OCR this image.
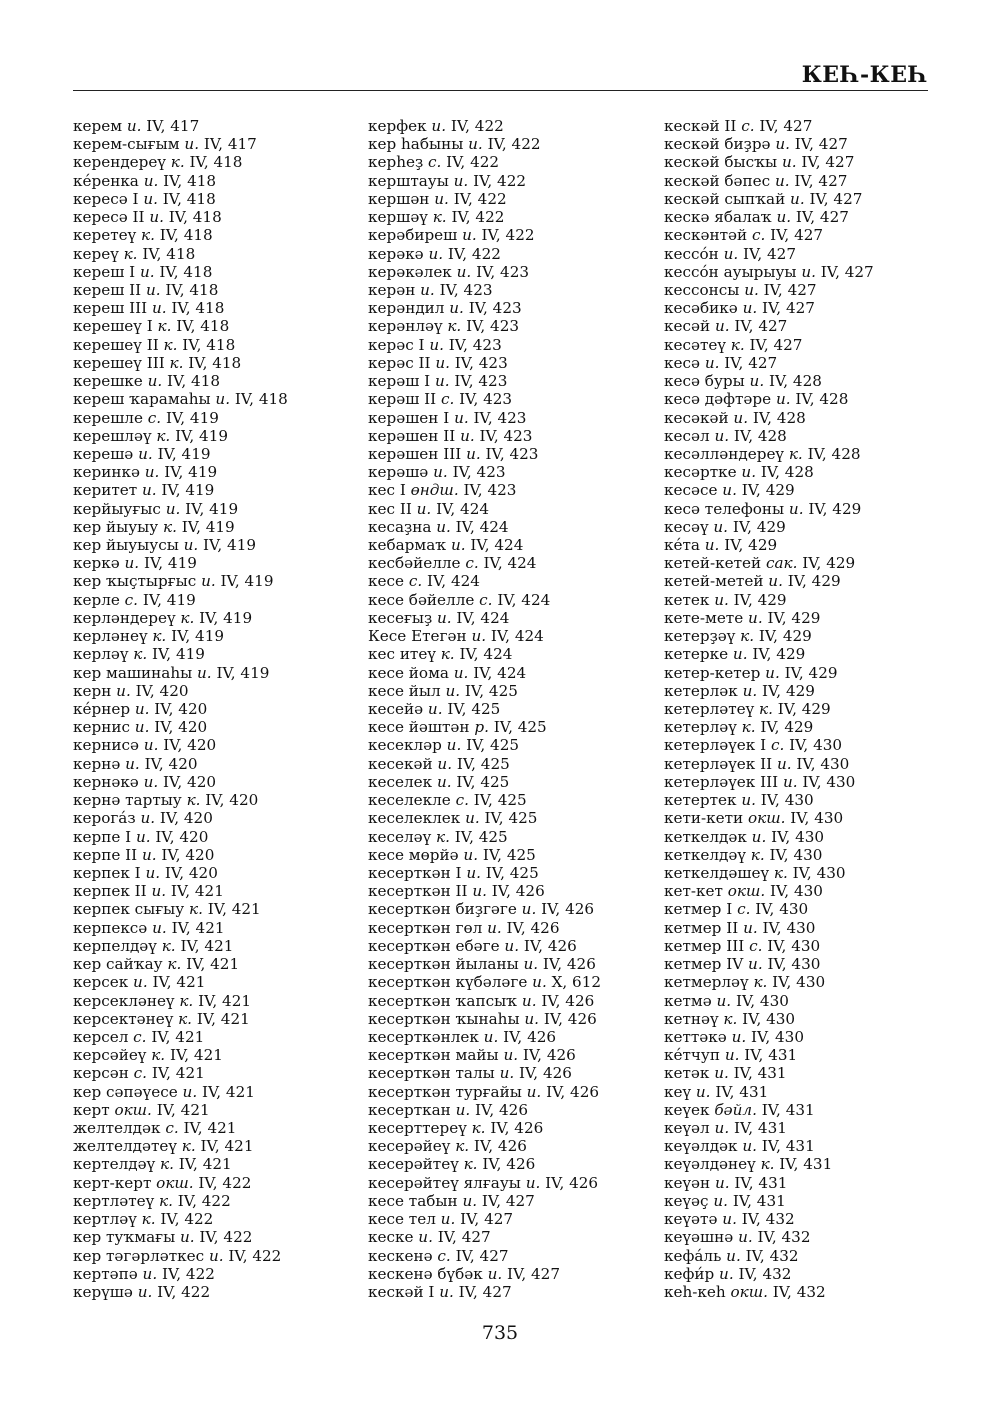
КЕҺ-КЕҺ
керем и. IV, 417
керем-сығым и. IV, 417
керендереү к. IV, 418
ке́ренка и. IV, 418
кересә I и. IV, 418
кересә II и. IV, 418
керетеү к. IV, 418
кереү к. IV, 418
кереш I и. IV, 418
кереш II и. IV, 418
кереш III и. IV, 418
керешеү I к. IV, 418
керешеү II к. IV, 418
керешеү III к. IV, 418
керешке и. IV, 418
кереш ҡарамаһы и. IV, 418
керешле с. IV, 419
керешләү к. IV, 419
керешә и. IV, 419
керинкә и. IV, 419
керитет и. IV, 419
керйыуғыс и. IV, 419
кер йыуыу к. IV, 419
кер йыуыусы и. IV, 419
керкә и. IV, 419
кер ҡыҫтырғыс и. IV, 419
керле с. IV, 419
керләндереү к. IV, 419
керләнеү к. IV, 419
керләү к. IV, 419
кер машинаһы и. IV, 419
керн и. IV, 420
ке́рнер и. IV, 420
кернис и. IV, 420
кернисә и. IV, 420
кернә и. IV, 420
кернәкә и. IV, 420
кернә тартыу к. IV, 420
керога́з и. IV, 420
керпе I и. IV, 420
керпе II и. IV, 420
керпек I и. IV, 420
керпек II и. IV, 421
керпек сығыу к. IV, 421
керпексә и. IV, 421
керпелдәү к. IV, 421
кер сайҡау к. IV, 421
керсек и. IV, 421
керсекләнеү к. IV, 421
керсектәнеү к. IV, 421
керсел с. IV, 421
керсәйеү к. IV, 421
керсән с. IV, 421
кер сәпәүесе и. IV, 421
керт окш. IV, 421
желтелдәк с. IV, 421
желтелдәтеү к. IV, 421
кертелдәү к. IV, 421
керт-керт окш. IV, 422
кертләтеү к. IV, 422
кертләү к. IV, 422
кер туҡмағы и. IV, 422
кер тәгәрләткес и. IV, 422
кертәпә и. IV, 422
керүшә и. IV, 422
керфек и. IV, 422
кер һабыны и. IV, 422
керһеҙ с. IV, 422
керштауы и. IV, 422
кершән и. IV, 422
кершәү к. IV, 422
керәбиреш и. IV, 422
керәкә и. IV, 422
керәкәлек и. IV, 423
керән и. IV, 423
керәндил и. IV, 423
керәнләү к. IV, 423
керәс I и. IV, 423
керәс II и. IV, 423
керәш I и. IV, 423
керәш II с. IV, 423
керәшен I и. IV, 423
керәшен II и. IV, 423
керәшен III и. IV, 423
керәшә и. IV, 423
кес I өндш. IV, 423
кес II и. IV, 424
кесаҙна и. IV, 424
кебармаҡ и. IV, 424
кесбәйелле с. IV, 424
кесе с. IV, 424
кесе бәйелле с. IV, 424
кесеғыҙ и. IV, 424
Кесе Етегән и. IV, 424
кес итеү к. IV, 424
кесе йома и. IV, 424
кесе йыл и. IV, 425
кесейә и. IV, 425
кесе йәштән р. IV, 425
кесекләр и. IV, 425
кесекәй и. IV, 425
кеселек и. IV, 425
кеселекле с. IV, 425
кеселеклек и. IV, 425
кеселәү к. IV, 425
кесе мөрйә и. IV, 425
кесерткән I и. IV, 425
кесерткән II и. IV, 426
кесерткән биҙгәге и. IV, 426
кесерткән гөл и. IV, 426
кесерткән ебәге и. IV, 426
кесерткән йыланы и. IV, 426
кесерткән күбәләге и. X, 612
кесерткән ҡапсыҡ и. IV, 426
кесерткән ҡынаһы и. IV, 426
кесерткәнлек и. IV, 426
кесерткән майы и. IV, 426
кесерткән талы и. IV, 426
кесерткән турғайы и. IV, 426
кесерткан и. IV, 426
кесерттереү к. IV, 426
кесерәйеү к. IV, 426
кесерәйтеү к. IV, 426
кесерәйтеү ялғауы и. IV, 426
кесе табын и. IV, 427
кесе тел и. IV, 427
кеске и. IV, 427
кескенә с. IV, 427
кескенә бүбәк и. IV, 427
кескәй I и. IV, 427
кескәй II с. IV, 427
кескәй биҙрә и. IV, 427
кескәй бысҡы и. IV, 427
кескәй бәпес и. IV, 427
кескәй сыпҡай и. IV, 427
кескә ябалаҡ и. IV, 427
кескәнтәй с. IV, 427
кессо́н и. IV, 427
кессо́н ауырыуы и. IV, 427
кессонсы и. IV, 427
кесәбикә и. IV, 427
кесәй и. IV, 427
кесәтеү к. IV, 427
кесә и. IV, 427
кесә буры и. IV, 428
кесә дәфтәре и. IV, 428
кесәкәй и. IV, 428
кесәл и. IV, 428
кесәлләндереү к. IV, 428
кесәртке и. IV, 428
кесәсе и. IV, 429
кесә телефоны и. IV, 429
кесәү и. IV, 429
ке́та и. IV, 429
кетей-кетей сак. IV, 429
кетей-метей и. IV, 429
кетек и. IV, 429
кете-мете и. IV, 429
кетерҙәү к. IV, 429
кетерке и. IV, 429
кетер-кетер и. IV, 429
кетерләк и. IV, 429
кетерләтеү к. IV, 429
кетерләү к. IV, 429
кетерләүек I с. IV, 430
кетерләүек II и. IV, 430
кетерләүек III и. IV, 430
кетертек и. IV, 430
кети-кети окш. IV, 430
кеткелдәк и. IV, 430
кеткелдәү к. IV, 430
кеткелдәшеү к. IV, 430
кет-кет окш. IV, 430
кетмер I с. IV, 430
кетмер II и. IV, 430
кетмер III с. IV, 430
кетмер IV и. IV, 430
кетмерләү к. IV, 430
кетмә и. IV, 430
кетнәү к. IV, 430
кеттәкә и. IV, 430
ке́тчуп и. IV, 431
кетәк и. IV, 431
кеү и. IV, 431
кеүек бәйл. IV, 431
кеүәл и. IV, 431
кеүәлдәк и. IV, 431
кеүәлдәнеү к. IV, 431
кеүән и. IV, 431
кеүәҫ и. IV, 431
кеүәтә и. IV, 432
кеүәшнә и. IV, 432
кефа́ль и. IV, 432
кефи́р и. IV, 432
кеһ-кеһ окш. IV, 432
735
